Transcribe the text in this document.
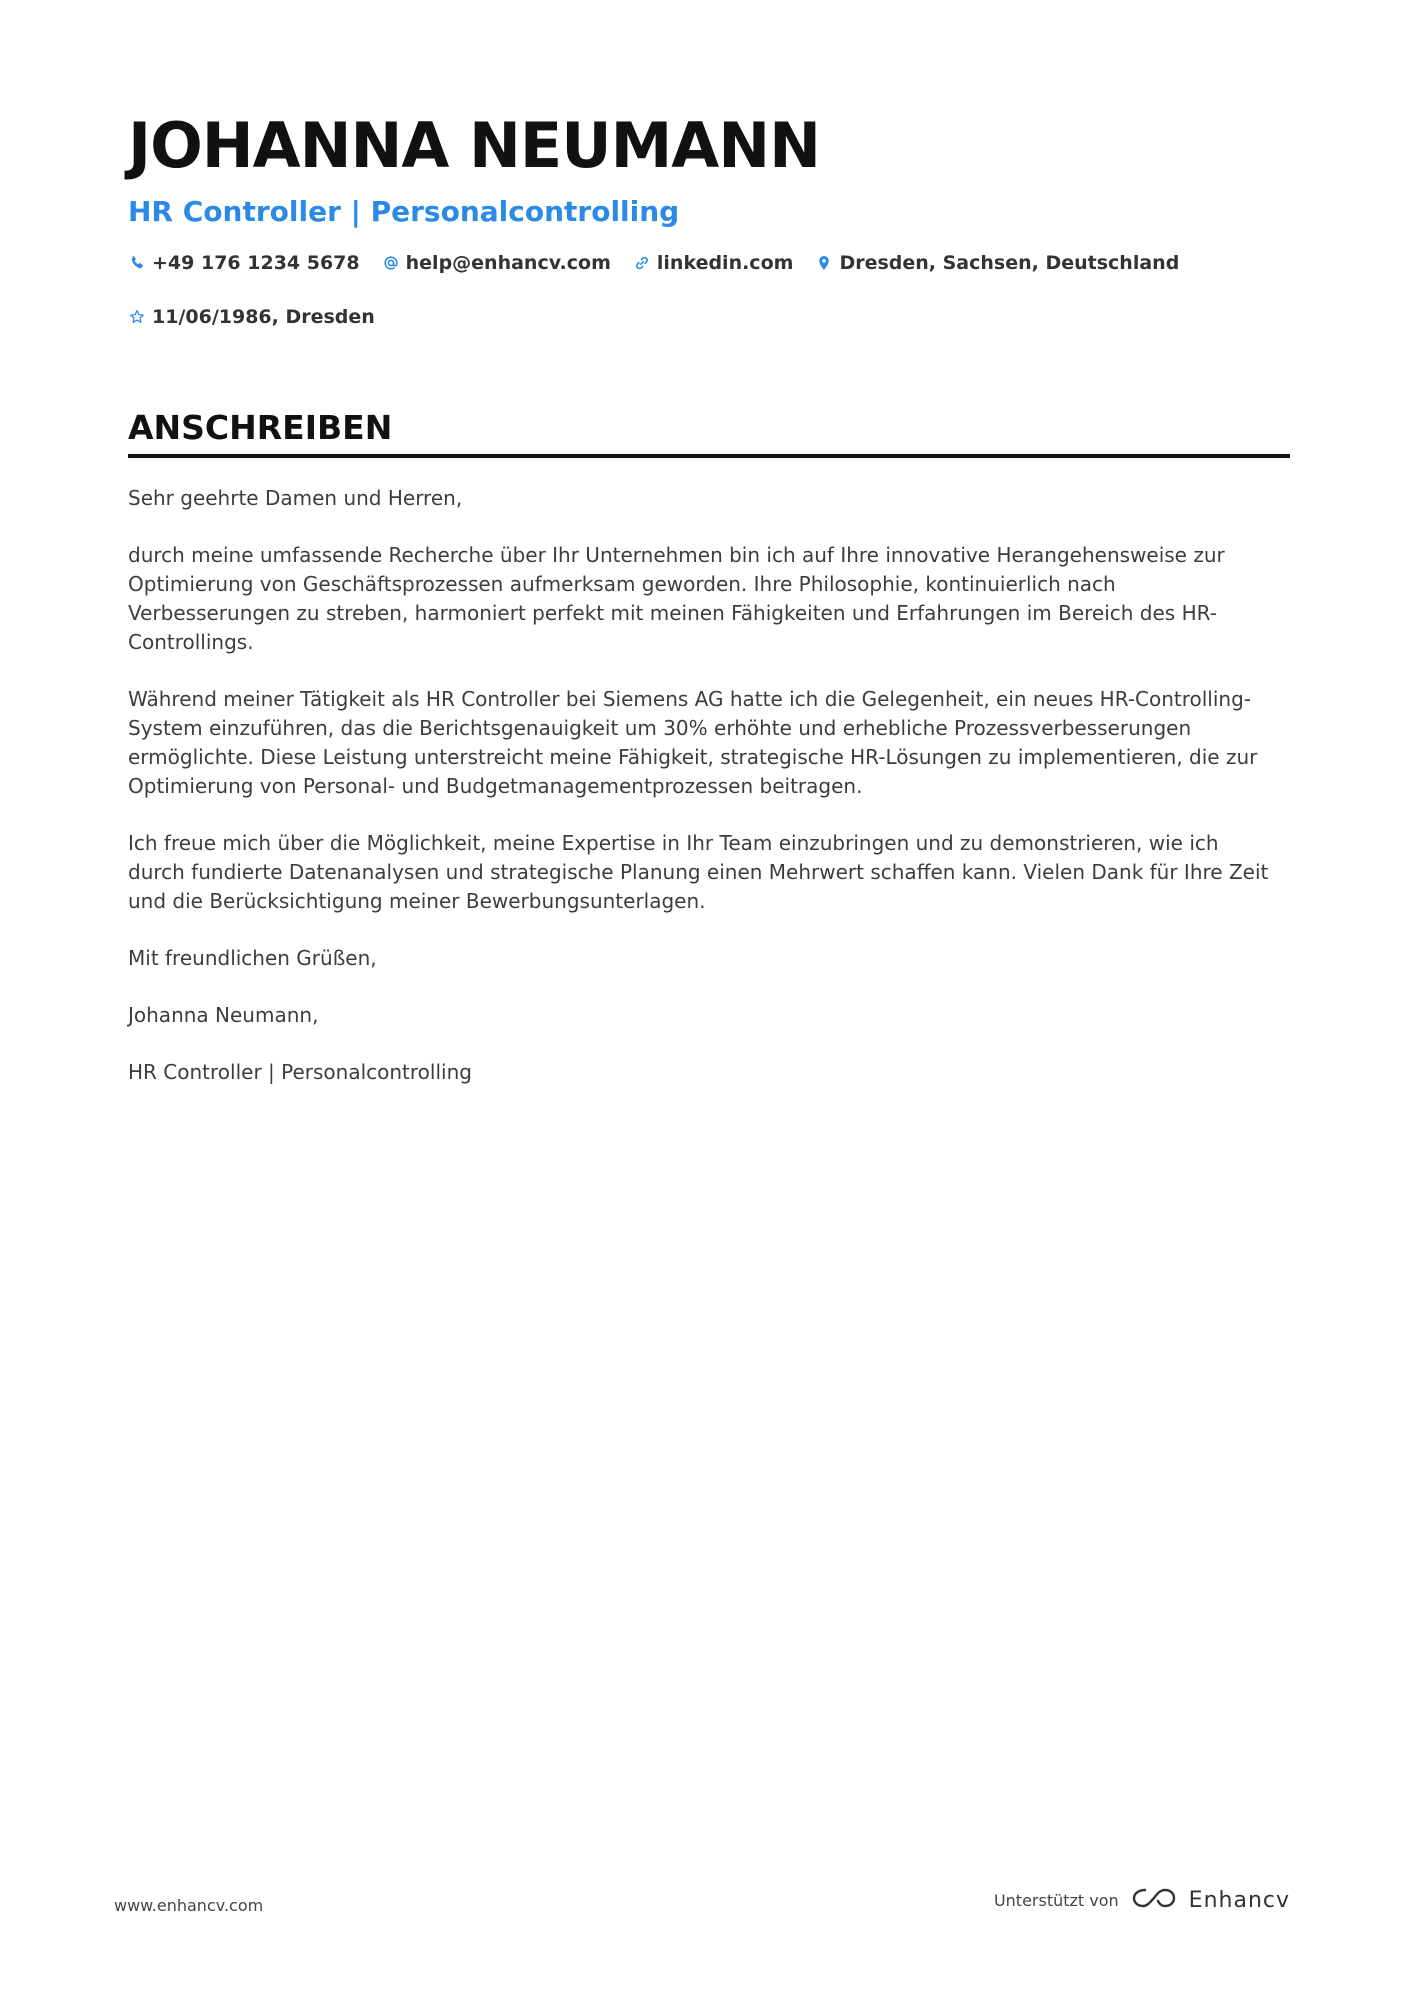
JOHANNA NEUMANN
HR Controller | Personalcontrolling
+49 176 1234 5678 help@enhancv.com linkedin.com Dresden, Sachsen, Deutschland
11/06/1986, Dresden
ANSCHREIBEN

Sehr geehrte Damen und Herren,

durch meine umfassende Recherche über Ihr Unternehmen bin ich auf Ihre innovative Herangehensweise zur Optimierung von Geschäftsprozessen aufmerksam geworden. Ihre Philosophie, kontinuierlich nach Verbesserungen zu streben, harmoniert perfekt mit meinen Fähigkeiten und Erfahrungen im Bereich des HR-Controllings.

Während meiner Tätigkeit als HR Controller bei Siemens AG hatte ich die Gelegenheit, ein neues HR-Controlling-System einzuführen, das die Berichtsgenauigkeit um 30% erhöhte und erhebliche Prozessverbesserungen ermöglichte. Diese Leistung unterstreicht meine Fähigkeit, strategische HR-Lösungen zu implementieren, die zur Optimierung von Personal- und Budgetmanagementprozessen beitragen.

Ich freue mich über die Möglichkeit, meine Expertise in Ihr Team einzubringen und zu demonstrieren, wie ich durch fundierte Datenanalysen und strategische Planung einen Mehrwert schaffen kann. Vielen Dank für Ihre Zeit und die Berücksichtigung meiner Bewerbungsunterlagen.

Mit freundlichen Grüßen,

Johanna Neumann,

HR Controller | Personalcontrolling

www.enhancv.com	Unterstützt von	Enhancv
